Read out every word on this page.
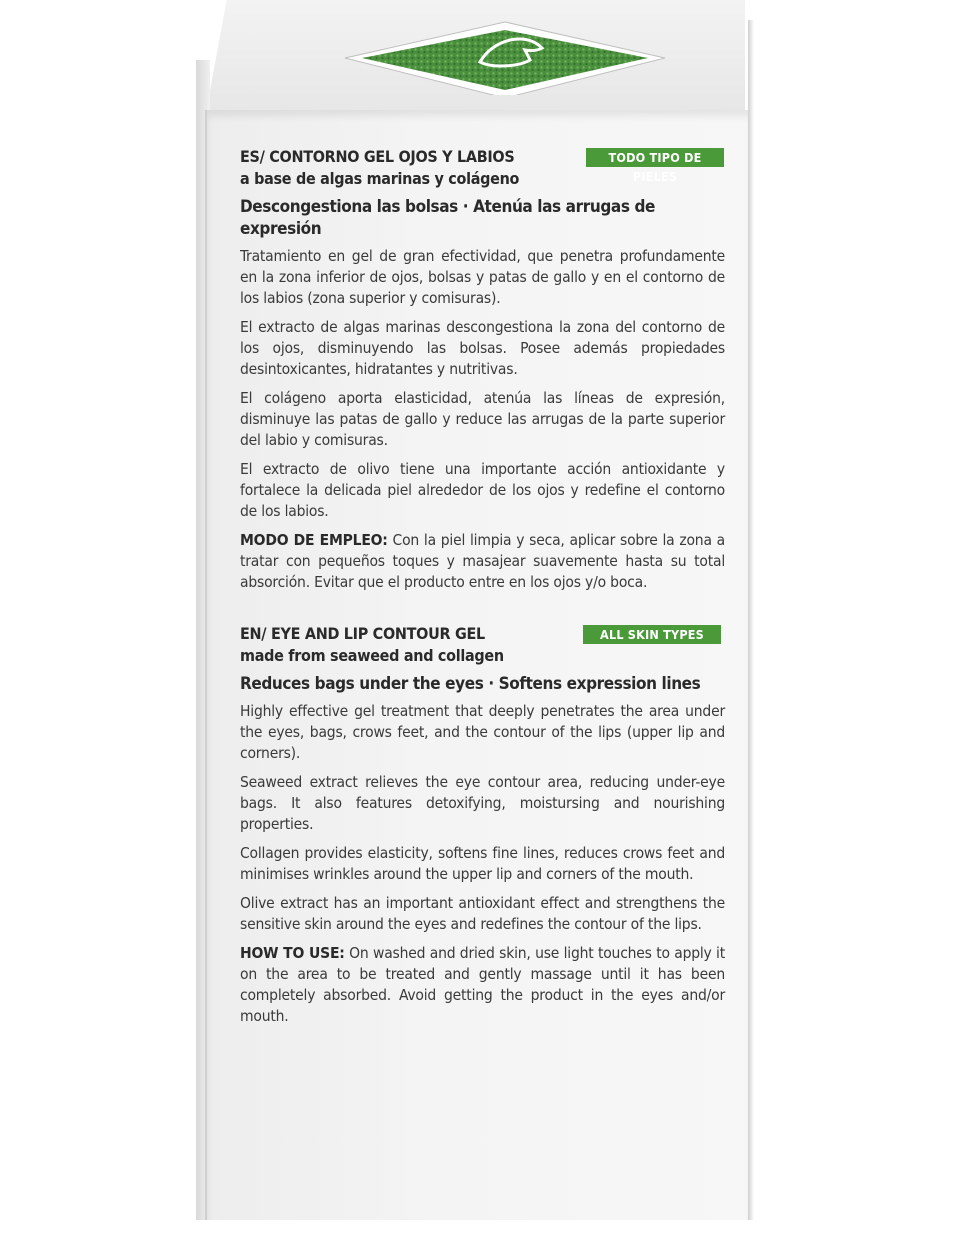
ES/ CONTORNO GEL OJOS Y LABIOS	TODO TIPO DE PIELES
a base de algas marinas y colágeno
Descongestiona las bolsas · Atenúa las arrugas de expresión
Tratamiento en gel de gran efectividad, que penetra profundamente en la zona inferior de ojos, bolsas y patas de gallo y en el contorno de los labios (zona superior y comisuras).
El extracto de algas marinas descongestiona la zona del contorno de los ojos, disminuyendo las bolsas. Posee además propiedades desintoxicantes, hidratantes y nutritivas.
El colágeno aporta elasticidad, atenúa las líneas de expresión, disminuye las patas de gallo y reduce las arrugas de la parte superior del labio y comisuras.
El extracto de olivo tiene una importante acción antioxidante y fortalece la delicada piel alrededor de los ojos y redefine el contorno de los labios.
MODO DE EMPLEO: Con la piel limpia y seca, aplicar sobre la zona a tratar con pequeños toques y masajear suavemente hasta su total absorción. Evitar que el producto entre en los ojos y/o boca.
EN/ EYE AND LIP CONTOUR GEL	ALL SKIN TYPES
made from seaweed and collagen
Reduces bags under the eyes · Softens expression lines
Highly effective gel treatment that deeply penetrates the area under the eyes, bags, crows feet, and the contour of the lips (upper lip and corners).
Seaweed extract relieves the eye contour area, reducing under-eye bags. It also features detoxifying, moistursing and nourishing properties.
Collagen provides elasticity, softens fine lines, reduces crows feet and minimises wrinkles around the upper lip and corners of the mouth.
Olive extract has an important antioxidant effect and strengthens the sensitive skin around the eyes and redefines the contour of the lips.
HOW TO USE: On washed and dried skin, use light touches to apply it on the area to be treated and gently massage until it has been completely absorbed. Avoid getting the product in the eyes and/or mouth.
